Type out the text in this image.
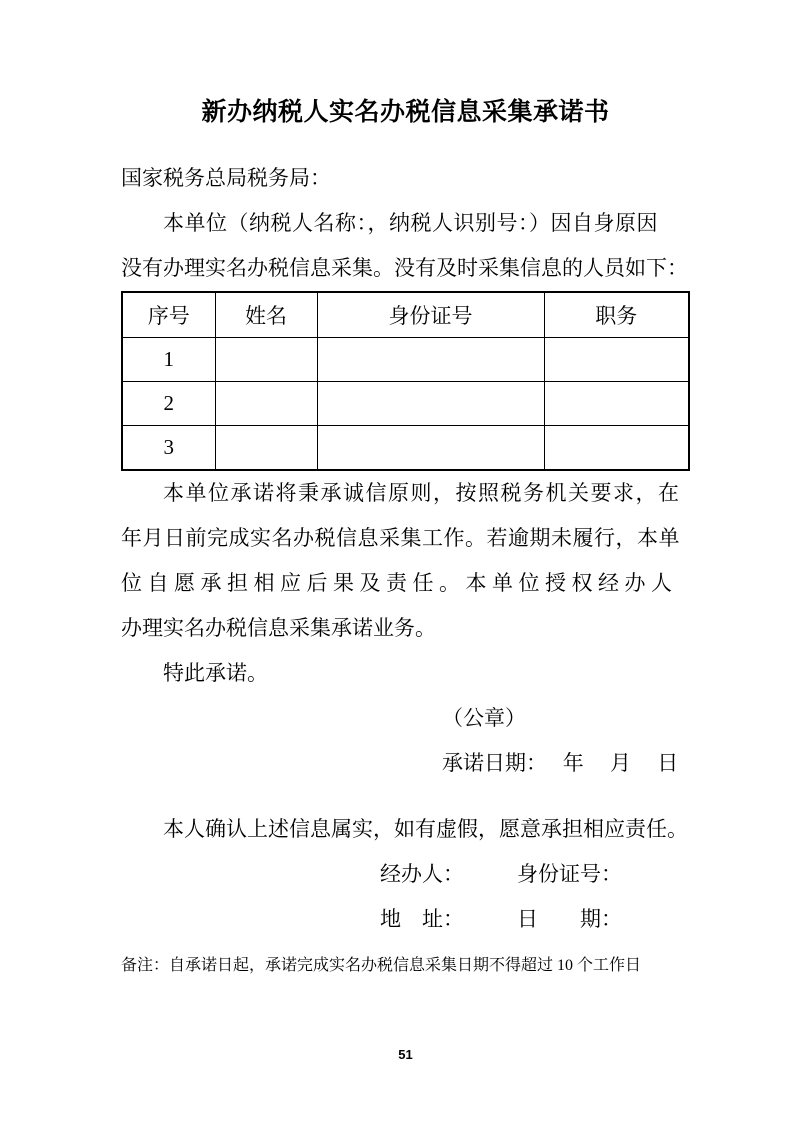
新办纳税人实名办税信息采集承诺书
国家税务总局税务局：
本单位（纳税人名称：，纳税人识别号：）因自身原因
没有办理实名办税信息采集。没有及时采集信息的人员如下：
序号	姓名	身份证号	职务
1			
2			
3			
本单位承诺将秉承诚信原则，按照税务机关要求，在
年月日前完成实名办税信息采集工作。若逾期未履行，本单
位自愿承担相应后果及责任。本单位授权经办人
办理实名办税信息采集承诺业务。
特此承诺。
（公章）
承诺日期：　 年　 月　 日
本人确认上述信息属实，如有虚假，愿意承担相应责任。
经办人：	身份证号：
地　址：	日　　期：
备注：自承诺日起，承诺完成实名办税信息采集日期不得超过 10 个工作日
51
